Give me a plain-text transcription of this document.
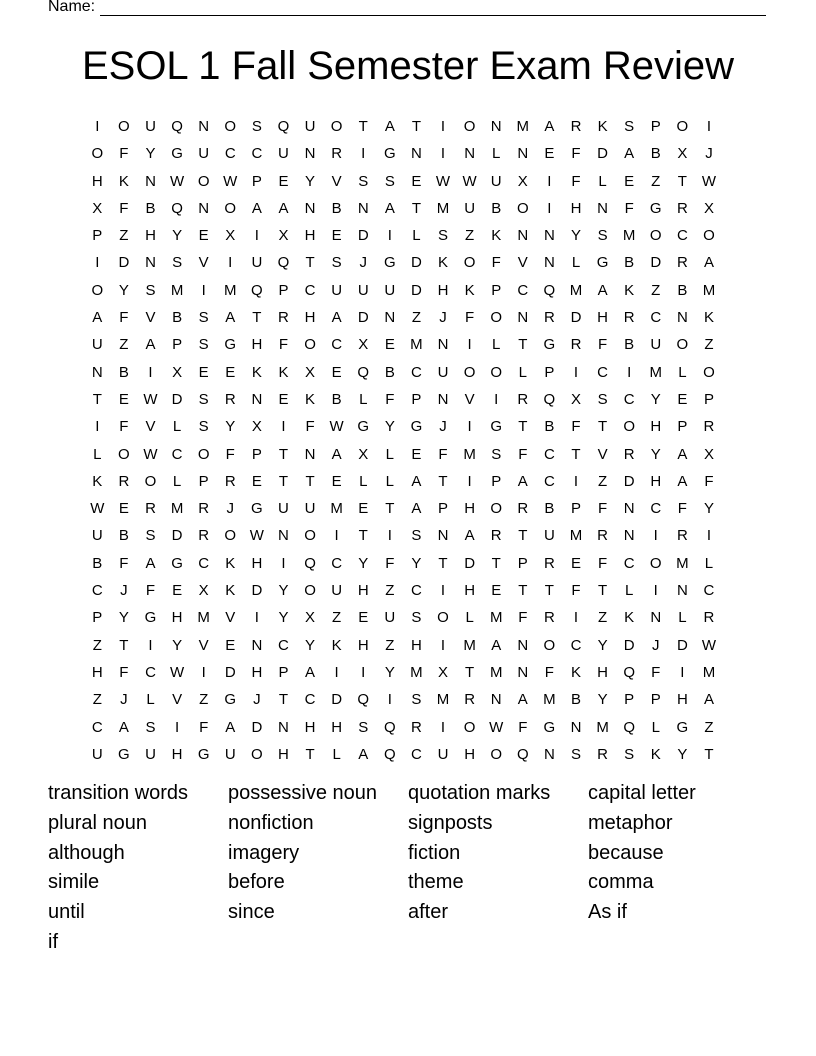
Name:
ESOL 1 Fall Semester Exam Review
I	O	U	Q	N	O	S	Q	U	O	T	A	T	I	O	N M	A	R	K	S	P	O	I
O	F	Y	G	U	C	C	U	N	R	I	G	N	I	N	L	N	E	F	D	A	B	X	J
H	K	N W O W P	E	Y	V	S	S	E W W U	X	I	F	L	E	Z	T W
X	F	B	Q	N	O	A	A	N	B	N	A	T	M U	B	O	I	H	N	F	G	R	X
P	Z	H	Y	E	X	I	X	H	E	D	I	L	S	Z	K	N	N	Y	S	M O	C	O
I	D	N	S	V	I	U	Q	T	S	J	G	D	K	O	F	V	N	L	G	B	D	R	A
O	Y	S	M	I	M Q	P	C	U	U	U	D	H	K	P	C	Q M	A	K	Z	B	M
A	F	V	B	S	A	T	R	H	A	D	N	Z	J	F	O	N	R	D	H	R	C	N	K
U	Z	A	P	S	G	H	F	O	C	X	E	M N	I	L	T	G	R	F	B	U	O	Z
N	B	I	X	E	E	K	K	X	E	Q	B	C	U	O O	L	P	I	C	I	M	L	O
T	E W D	S	R	N	E	K	B	L	F	P	N	V	I	R	Q	X	S	C	Y	E	P
I	F	V	L	S	Y	X	I	F W G	Y	G	J	I	G	T	B	F	T	O	H	P	R
L	O W C	O	F	P	T	N	A	X	L	E	F	M	S	F	C	T	V	R	Y	A	X
K	R	O	L	P	R	E	T	T	E	L	L	A	T	I	P	A	C	I	Z	D	H	A	F
W E	R M R	J	G	U	U M	E	T	A	P	H	O	R	B	P	F	N	C	F	Y
U	B	S	D	R	O W N	O	I	T	I	S	N	A	R	T	U M R	N	I	R	I
B	F	A	G	C	K	H	I	Q	C	Y	F	Y	T	D	T	P	R	E	F	C	O M	L
C	J	F	E	X	K	D	Y	O	U	H	Z	C	I	H	E	T	T	F	T	L	I	N	C
P	Y	G	H M	V	I	Y	X	Z	E	U	S	O	L	M	F	R	I	Z	K	N	L	R
Z	T	I	Y	V	E	N	C	Y	K	H	Z	H	I	M	A	N	O	C	Y	D	J	D W
H	F	C W	I	D	H	P	A	I	I	Y	M	X	T	M N	F	K	H	Q	F	I	M
Z	J	L	V	Z	G	J	T	C	D	Q	I	S	M R	N	A	M	B	Y	P	P	H	A
C	A	S	I	F	A	D	N	H	H	S	Q	R	I	O W F	G	N M Q	L	G	Z
U	G	U	H	G	U	O	H	T	L	A	Q	C	U	H	O Q	N	S	R	S	K	Y	T
transition words	possessive noun	quotation marks	capital letter
plural noun	nonfiction	signposts	metaphor
although	imagery	fiction	because
simile	before	theme	comma
until	since	after	As if
if
